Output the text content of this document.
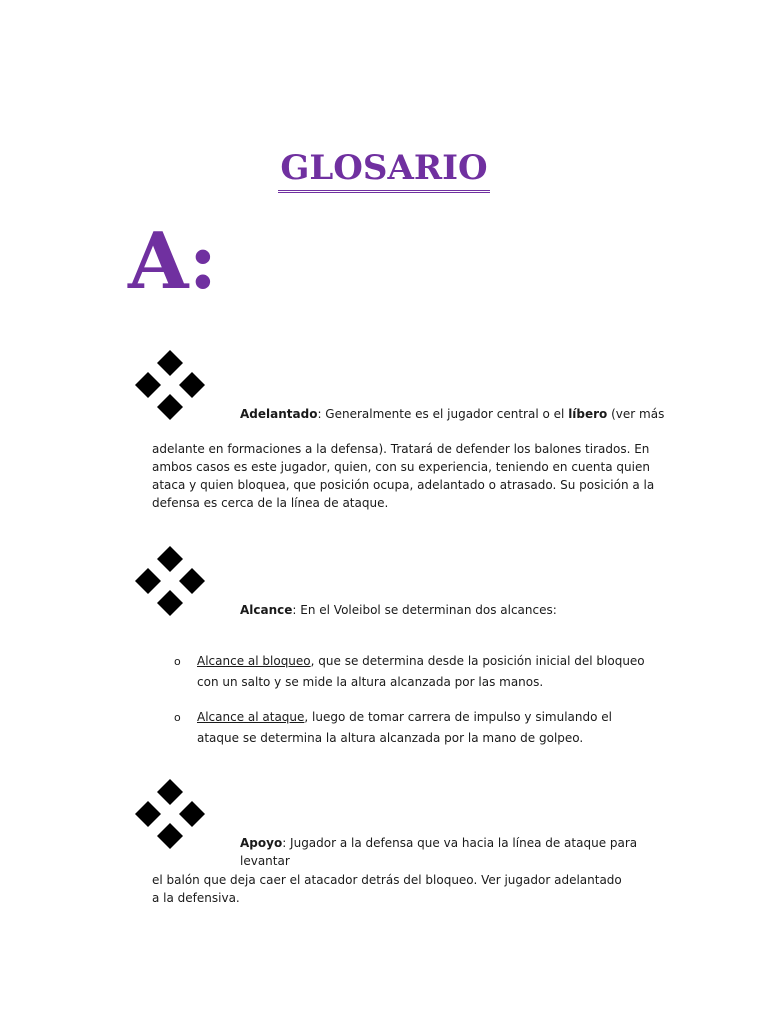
GLOSARIO
A:
Adelantado: Generalmente es el jugador central o el líbero (ver más
adelante en formaciones a la defensa). Tratará de defender los balones tirados. En ambos casos es este jugador, quien, con su experiencia, teniendo en cuenta quien ataca y quien bloquea, que posición ocupa, adelantado o atrasado. Su posición a la defensa es cerca de la línea de ataque.
Alcance: En el Voleibol se determinan dos alcances:
o Alcance al bloqueo, que se determina desde la posición inicial del bloqueo con un salto y se mide la altura alcanzada por las manos.
o Alcance al ataque, luego de tomar carrera de impulso y simulando el ataque se determina la altura alcanzada por la mano de golpeo.
Apoyo: Jugador a la defensa que va hacia la línea de ataque para levantar
el balón que deja caer el atacador detrás del bloqueo. Ver jugador adelantado a la defensiva.
